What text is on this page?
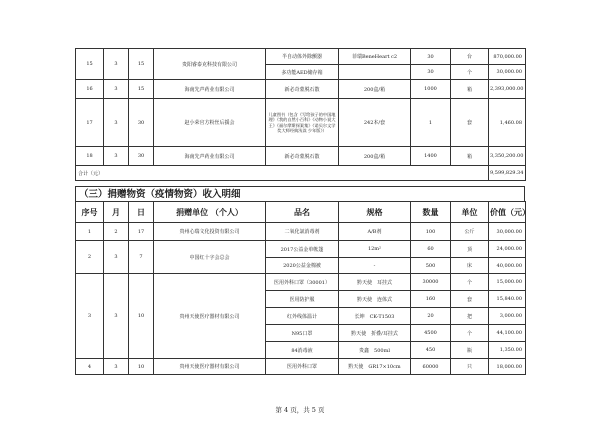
15	3	15	贵阳睿泰克科技有限公司	半自动体外除颤器	菲瑞BeneHeart c2	30	台	870,000.00
				多功能AED储存箱		30	个	30,000.00
16	3	15	海南先声药业有限公司	新必奇蒙脱石散	200盒/箱	1000	箱	2,393,000.00
17	3	30	赵小荣官方粉丝后援会	儿童图书（包含《写给孩子的中国地理》《我的自然小百科》《动物小说大王》《福尔摩斯探案集》《诺贝尔文学奖大师经典浅读 少年版》）	242本/套	1	套	1,460.08
18	3	30	海南先声药业有限公司	新必奇蒙脱石散	200盒/箱	1400	箱	3,350,200.00
合计（元）								9,599,829.34
（三）捐赠物资（疫情物资）收入明细
序号	月	日	捐赠单位 （个人）	品名	规格	数量	单位	价值（元）
1	2	17	贵州心瑞文化投资有限公司	二氧化氯消毒剂	A/B剂	100	公斤	30,000.00
2	3	7	中国红十字会总会	2017公益金单帐篷	12m²	60	顶	24,000.00
				2020公益金棉被	-	500	床	40,000.00
3	3	10	贵州天使医疗器材有限公司	医用外科口罩（30001）	黔天使　耳挂式	30000	个	15,000.00
				医用防护服	黔天使　连体式	160	套	15,840.00
				红外线体温计	长坤　CK-T1503	20	把	3,000.00
				N95口罩	黔天使　折叠/耳挂式	4500	个	44,100.00
				84消毒液	贵鑫　500ml	450	瓶	1,350.00
4	3	10	贵州天使医疗器材有限公司	医用外科口罩	黔天使　GR17×10cm	60000	只	18,000.00
第 4 页，共 5 页
